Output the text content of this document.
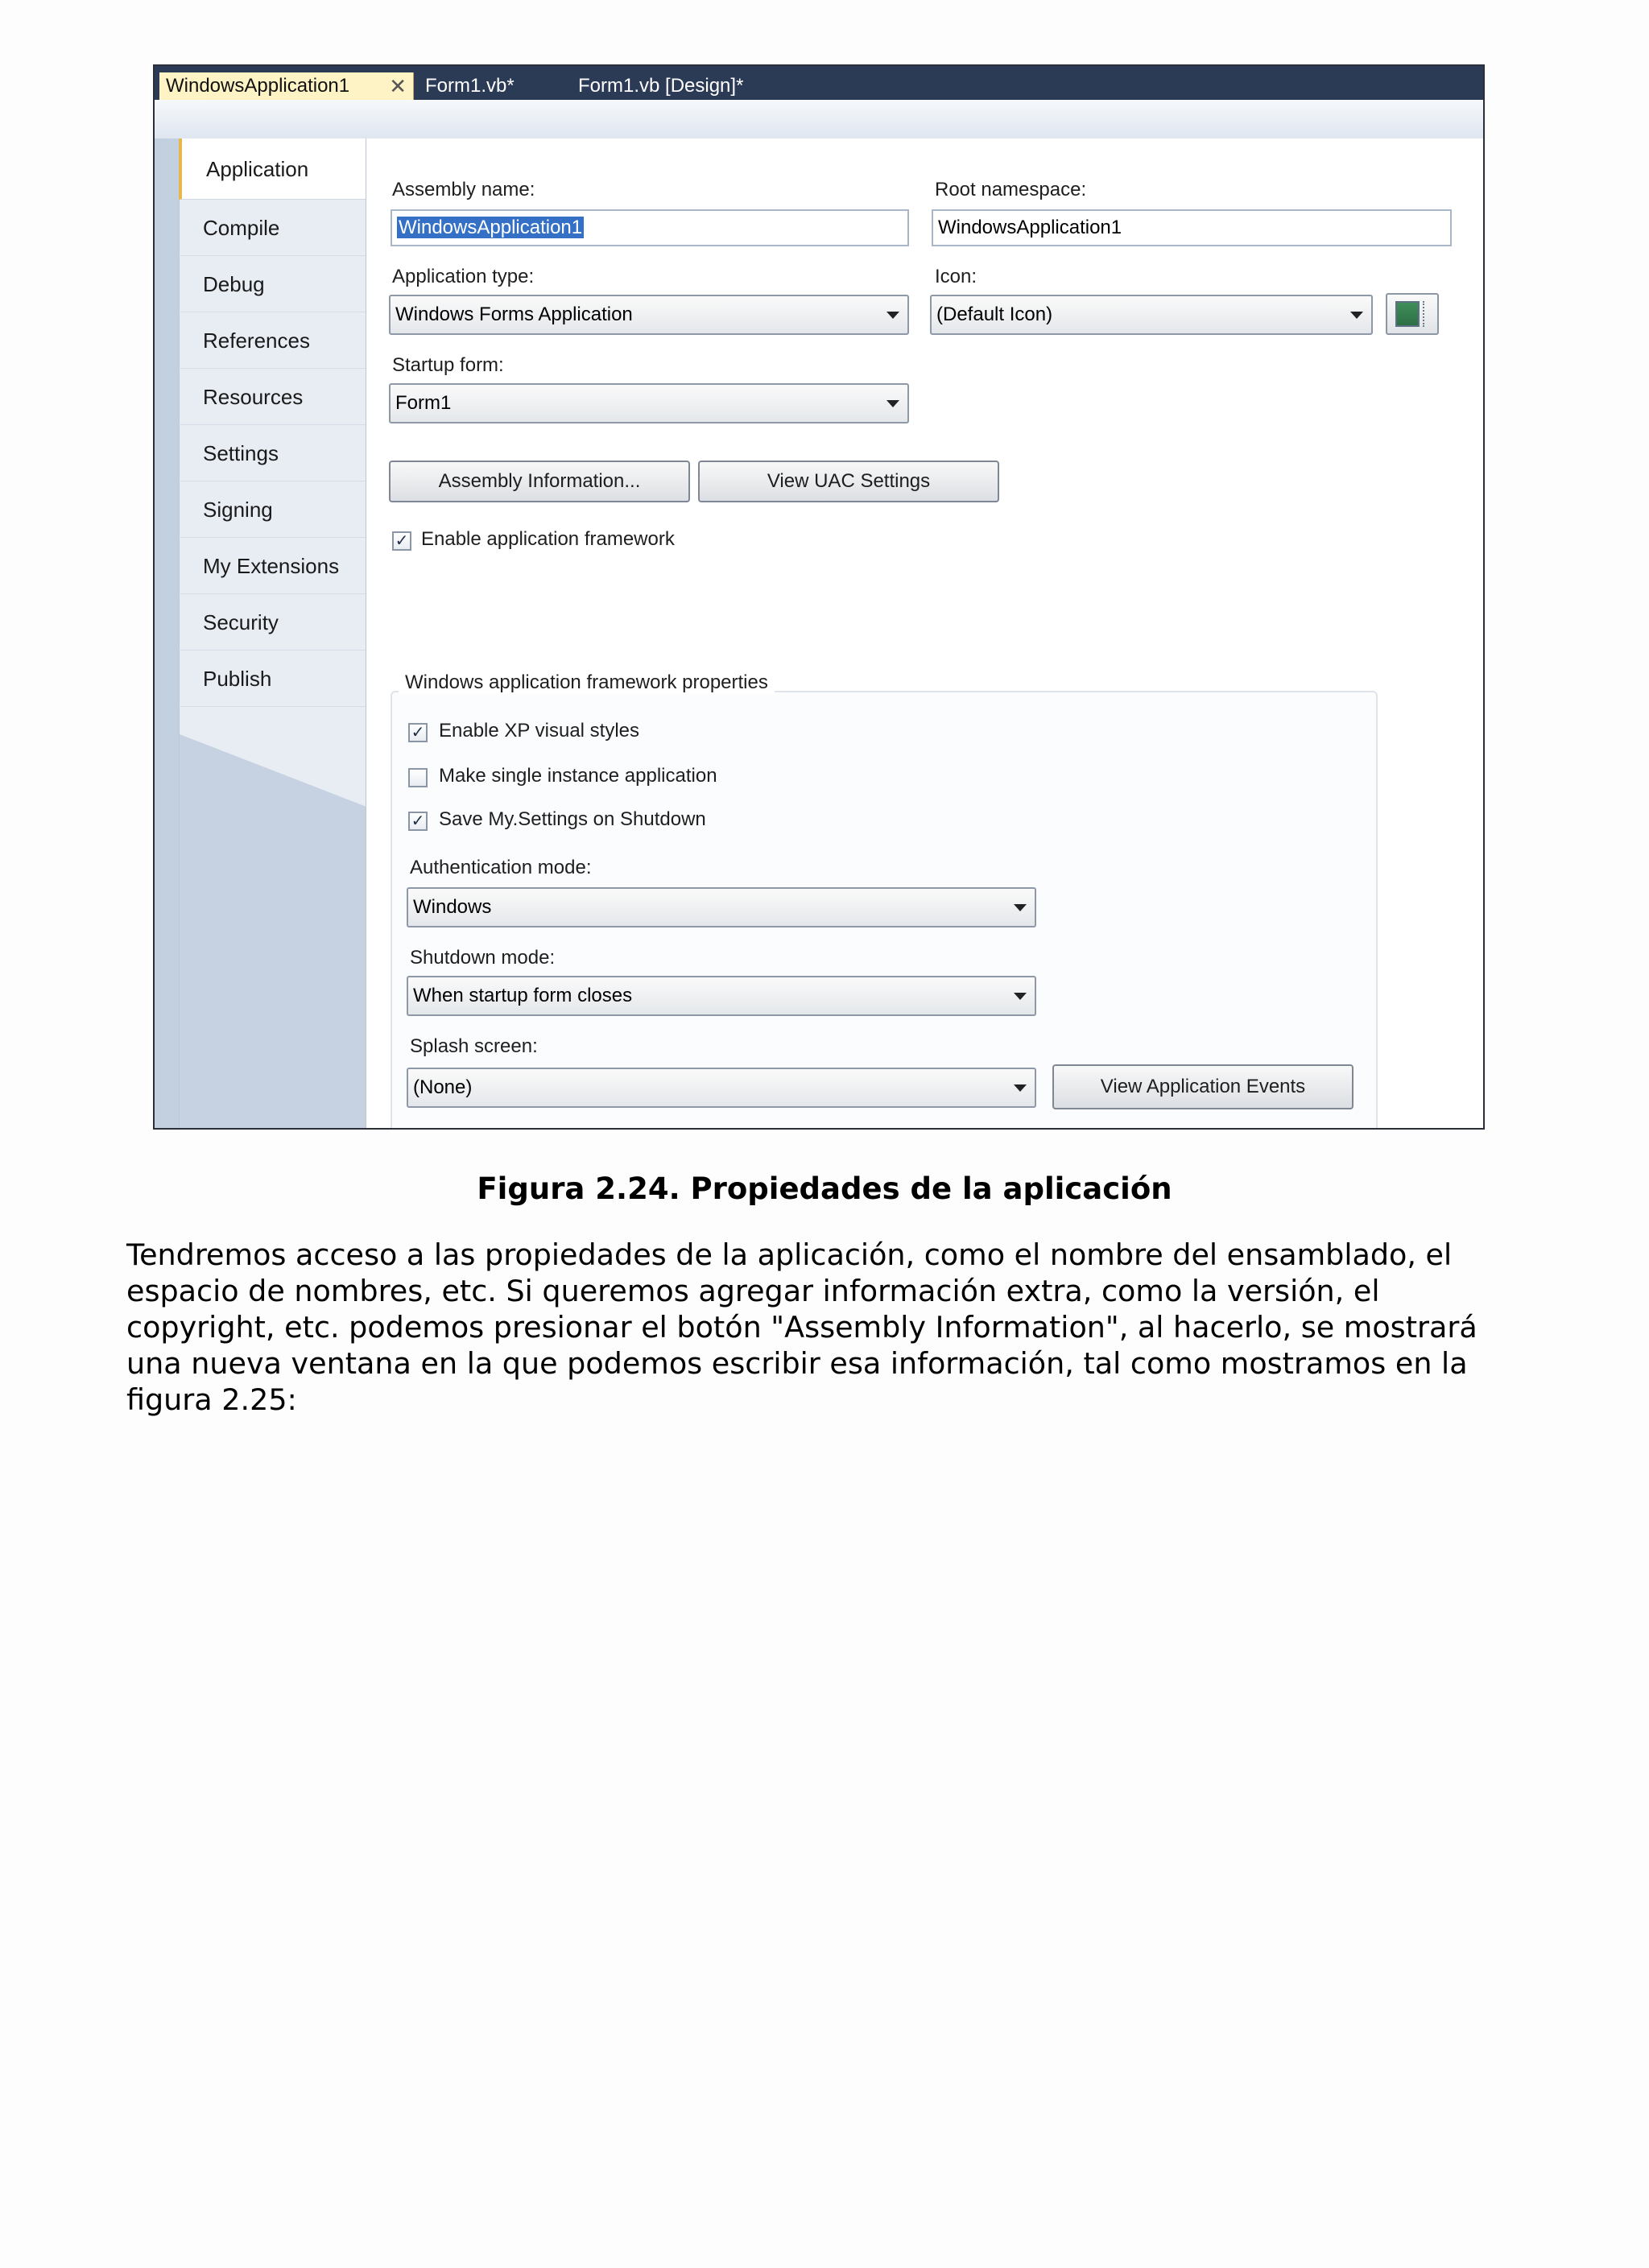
WindowsApplication1 ✕ Form1.vb*	Form1.vb [Design]*
Application
Compile
Debug
References
Resources
Settings
Signing
My Extensions
Security
Publish
Assembly name:
WindowsApplication1
Root namespace:
WindowsApplication1
Application type:
Windows Forms Application
Icon:
(Default Icon)
Startup form:
Form1
Assembly Information...	View UAC Settings
✓ Enable application framework
Windows application framework properties
✓ Enable XP visual styles
Make single instance application
✓ Save My.Settings on Shutdown
Authentication mode:
Windows
Shutdown mode:
When startup form closes
Splash screen:
(None)	View Application Events
Figura 2.24. Propiedades de la aplicación
Tendremos acceso a las propiedades de la aplicación, como el nombre del ensamblado, el
espacio de nombres, etc. Si queremos agregar información extra, como la versión, el
copyright, etc. podemos presionar el botón "Assembly Information", al hacerlo, se mostrará
una nueva ventana en la que podemos escribir esa información, tal como mostramos en la
figura 2.25:
